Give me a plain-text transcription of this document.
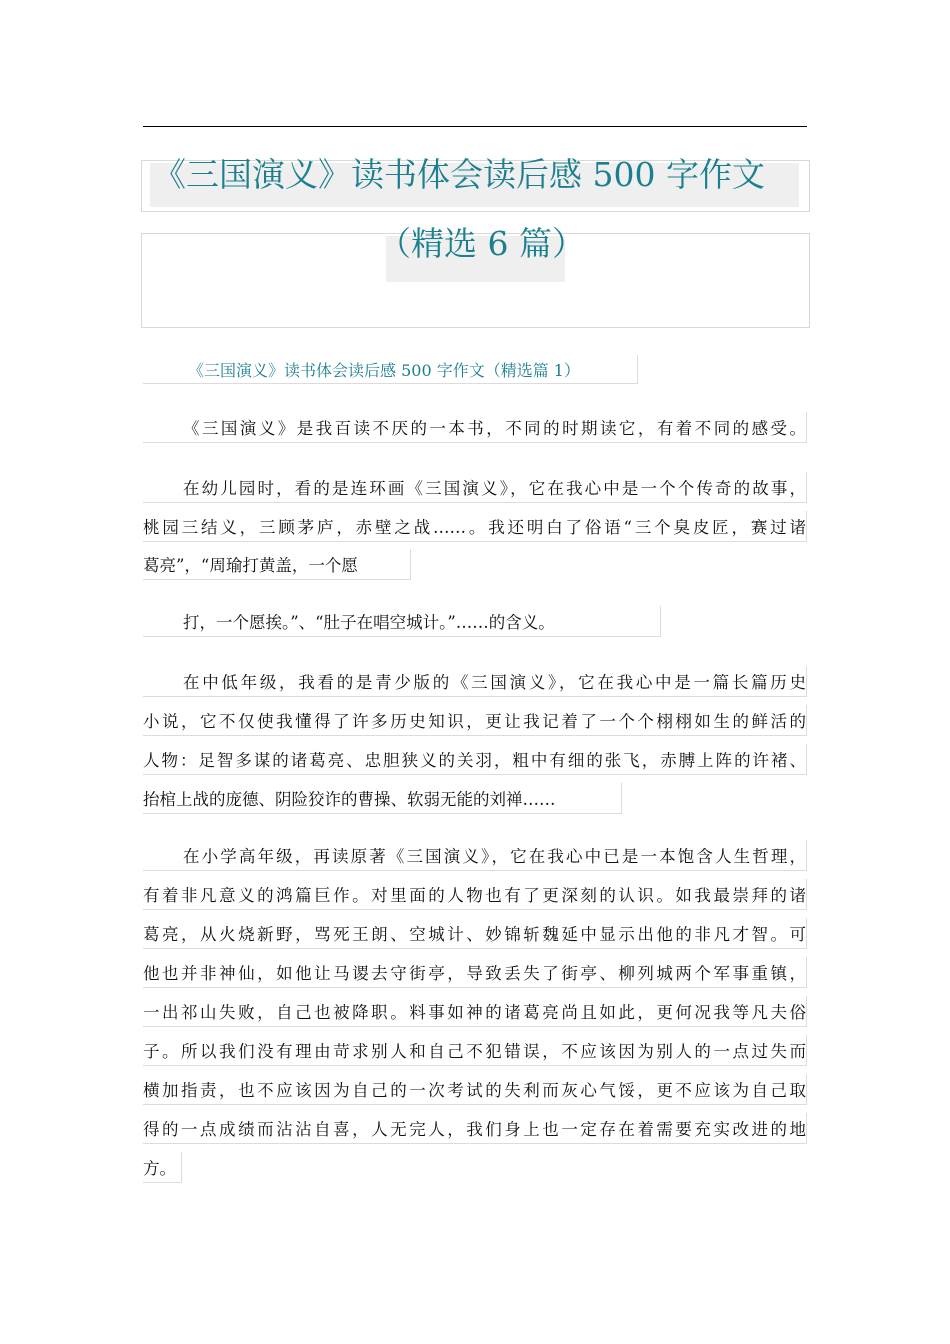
《三国演义》读书体会读后感 500 字作文
（精选 6 篇）
《三国演义》读书体会读后感 500 字作文（精选篇 1）
《三国演义》是我百读不厌的一本书，不同的时期读它，有着不同的感受。
在幼儿园时，看的是连环画《三国演义》，它在我心中是一个个传奇的故事，
桃园三结义，三顾茅庐，赤壁之战……。我还明白了俗语“三个臭皮匠，赛过诸
葛亮”，“周瑜打黄盖，一个愿
打，一个愿挨。”、“肚子在唱空城计。”……的含义。
在中低年级，我看的是青少版的《三国演义》，它在我心中是一篇长篇历史
小说，它不仅使我懂得了许多历史知识，更让我记着了一个个栩栩如生的鲜活的
人物：足智多谋的诸葛亮、忠胆狭义的关羽，粗中有细的张飞，赤膊上阵的许褚、
抬棺上战的庞德、阴险狡诈的曹操、软弱无能的刘禅……
在小学高年级，再读原著《三国演义》，它在我心中已是一本饱含人生哲理，
有着非凡意义的鸿篇巨作。对里面的人物也有了更深刻的认识。如我最崇拜的诸
葛亮，从火烧新野，骂死王朗、空城计、妙锦斩魏延中显示出他的非凡才智。可
他也并非神仙，如他让马谡去守街亭，导致丢失了街亭、柳列城两个军事重镇，
一出祁山失败，自己也被降职。料事如神的诸葛亮尚且如此，更何况我等凡夫俗
子。所以我们没有理由苛求别人和自己不犯错误，不应该因为别人的一点过失而
横加指责，也不应该因为自己的一次考试的失利而灰心气馁，更不应该为自己取
得的一点成绩而沾沾自喜，人无完人，我们身上也一定存在着需要充实改进的地
方。
